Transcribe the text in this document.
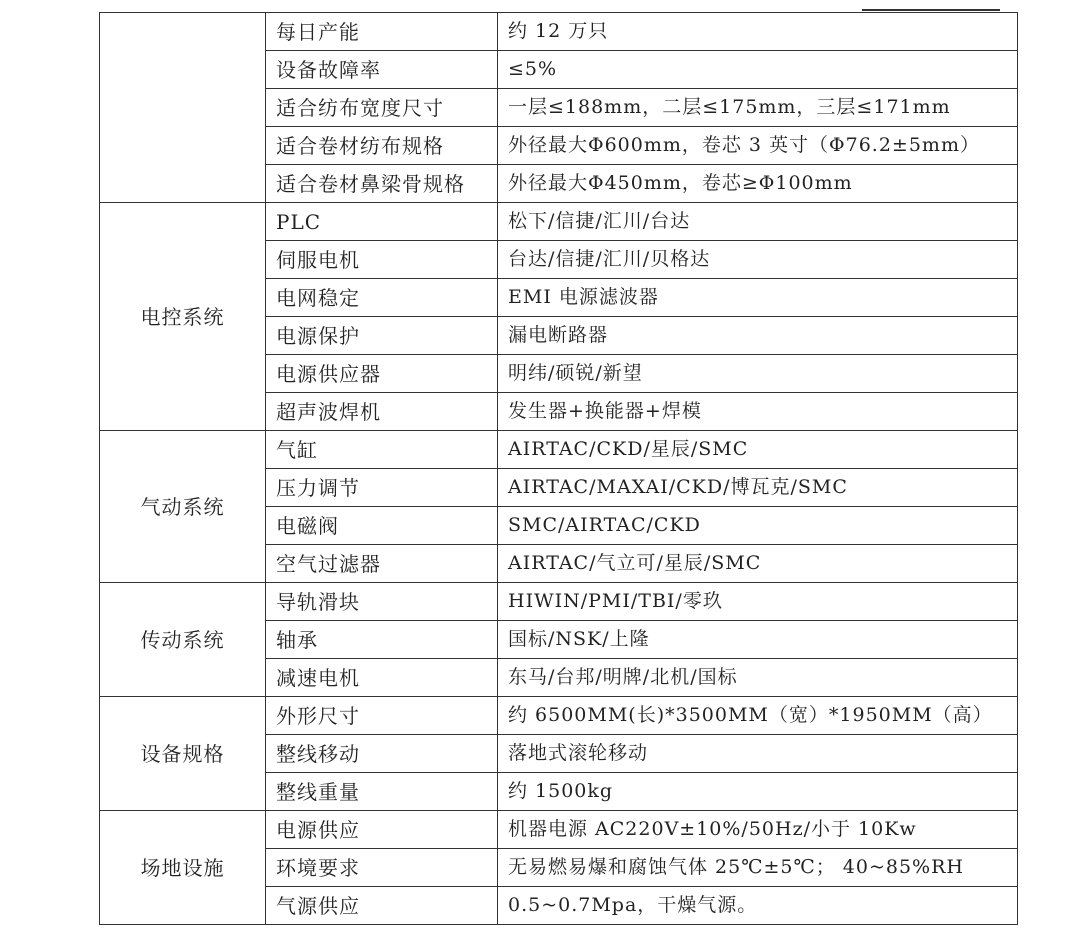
	每日产能	约 12 万只
	设备故障率	≤5%
	适合纺布宽度尺寸	一层≤188mm，二层≤175mm，三层≤171mm
	适合卷材纺布规格	外径最大Φ600mm，卷芯 3 英寸（Φ76.2±5mm）
	适合卷材鼻梁骨规格	外径最大Φ450mm，卷芯≥Φ100mm
电控系统	PLC	松下/信捷/汇川/台达
	伺服电机	台达/信捷/汇川/贝格达
	电网稳定	EMI 电源滤波器
	电源保护	漏电断路器
	电源供应器	明纬/硕锐/新望
	超声波焊机	发生器+换能器+焊模
气动系统	气缸	AIRTAC/CKD/星辰/SMC
	压力调节	AIRTAC/MAXAI/CKD/博瓦克/SMC
	电磁阀	SMC/AIRTAC/CKD
	空气过滤器	AIRTAC/气立可/星辰/SMC
传动系统	导轨滑块	HIWIN/PMI/TBI/零玖
	轴承	国标/NSK/上隆
	减速电机	东马/台邦/明牌/北机/国标
设备规格	外形尺寸	约 6500MM(长)*3500MM（宽）*1950MM（高）
	整线移动	落地式滚轮移动
	整线重量	约 1500kg
场地设施	电源供应	机器电源 AC220V±10%/50Hz/小于 10Kw
	环境要求	无易燃易爆和腐蚀气体 25℃±5℃； 40~85%RH
	气源供应	0.5~0.7Mpa，干燥气源。
